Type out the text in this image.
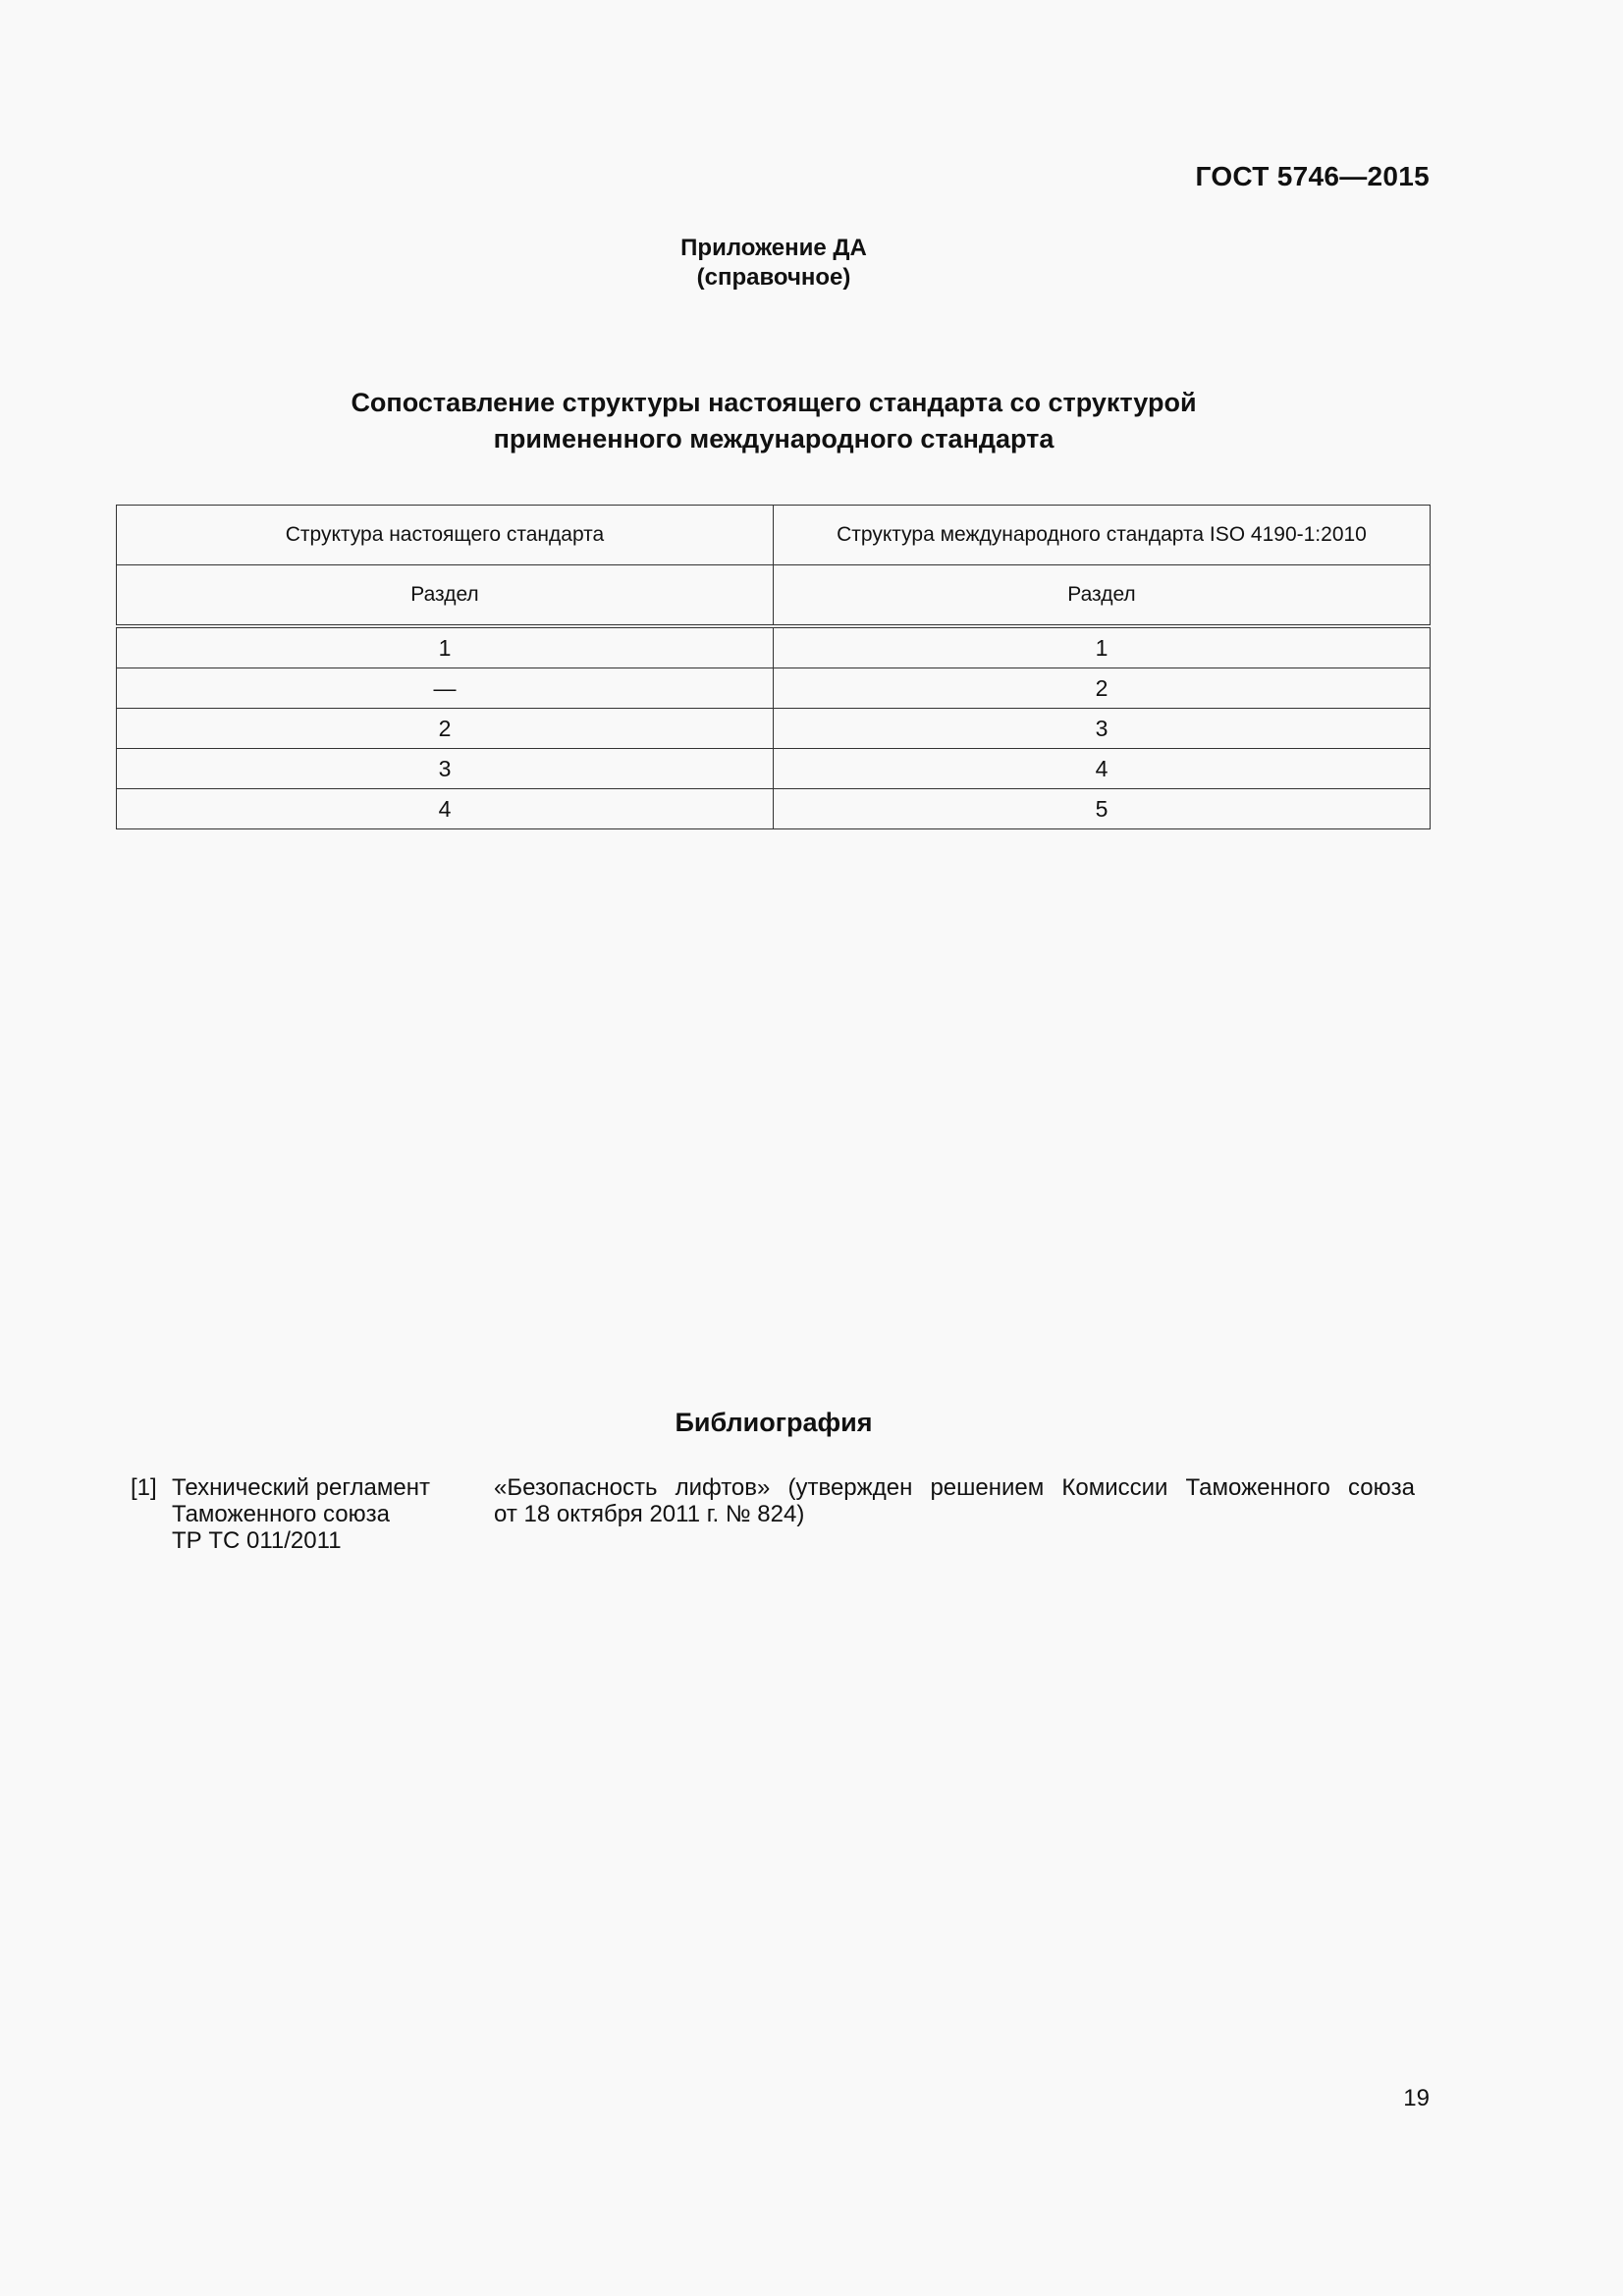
ГОСТ 5746—2015
Приложение ДА
(справочное)
Сопоставление структуры настоящего стандарта со структурой
примененного международного стандарта
Структура настоящего стандарта	Структура международного стандарта ISO 4190-1:2010
Раздел	Раздел
1	1
—	2
2	3
3	4
4	5
Библиография
[1] Технический регламент
Таможенного союза
ТР ТС 011/2011
«Безопасность лифтов» (утвержден решением Комиссии Таможенного союза
от 18 октября 2011 г. № 824)
19
